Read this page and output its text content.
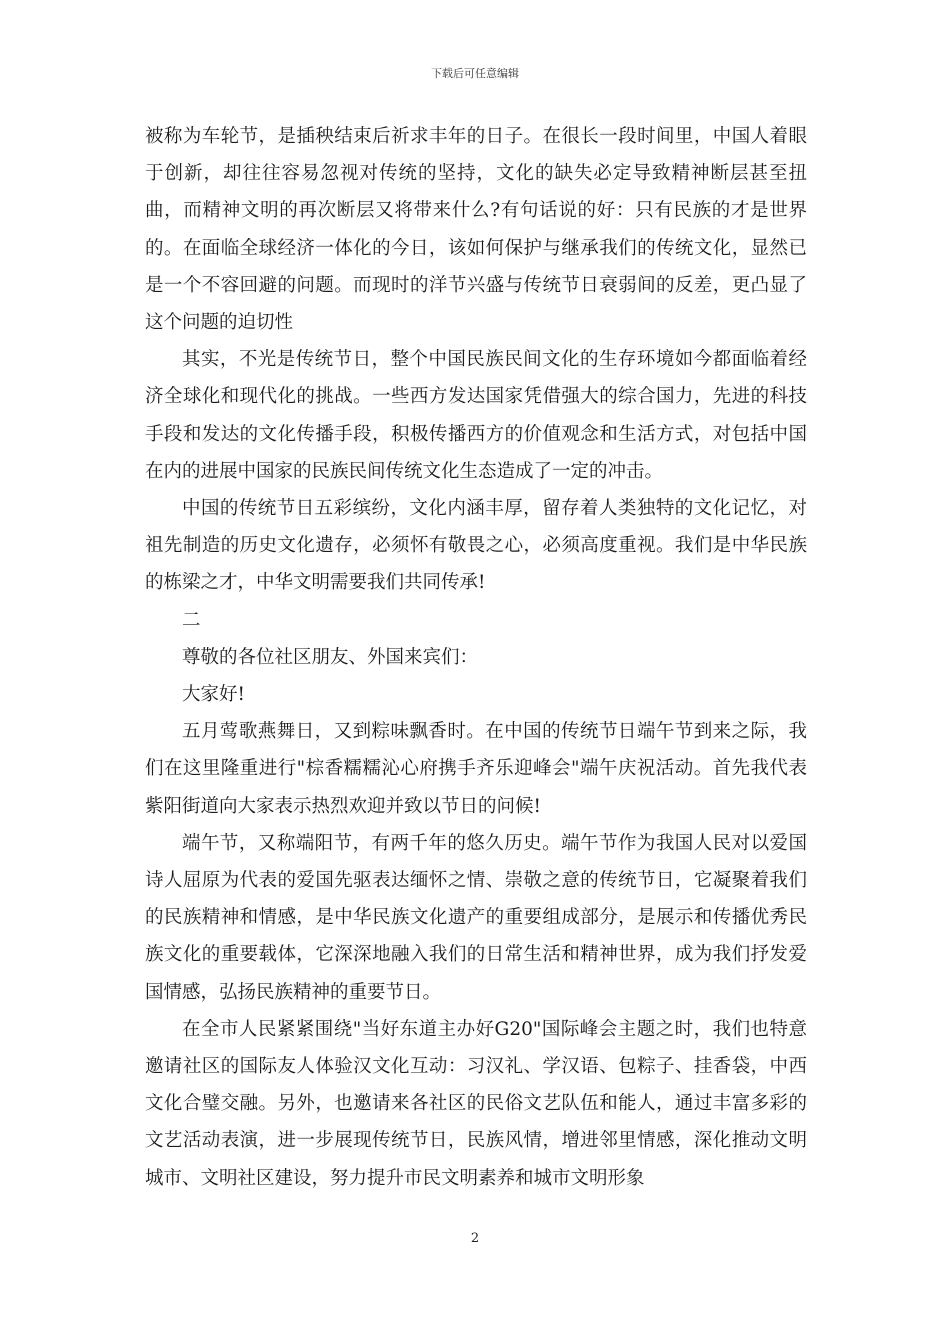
下载后可任意编辑

被称为车轮节，是插秧结束后祈求丰年的日子。在很长一段时间里，中国人着眼于创新，却往往容易忽视对传统的坚持，文化的缺失必定导致精神断层甚至扭曲，而精神文明的再次断层又将带来什么?有句话说的好：只有民族的才是世界的。在面临全球经济一体化的今日，该如何保护与继承我们的传统文化，显然已是一个不容回避的问题。而现时的洋节兴盛与传统节日衰弱间的反差，更凸显了这个问题的迫切性

其实，不光是传统节日，整个中国民族民间文化的生存环境如今都面临着经济全球化和现代化的挑战。一些西方发达国家凭借强大的综合国力，先进的科技手段和发达的文化传播手段，积极传播西方的价值观念和生活方式，对包括中国在内的进展中国家的民族民间传统文化生态造成了一定的冲击。

中国的传统节日五彩缤纷，文化内涵丰厚，留存着人类独特的文化记忆，对祖先制造的历史文化遗存，必须怀有敬畏之心，必须高度重视。我们是中华民族的栋梁之才，中华文明需要我们共同传承!

二

尊敬的各位社区朋友、外国来宾们：

大家好!

五月莺歌燕舞日，又到粽味飘香时。在中国的传统节日端午节到来之际，我们在这里隆重进行"棕香糯糯沁心府携手齐乐迎峰会"端午庆祝活动。首先我代表紫阳街道向大家表示热烈欢迎并致以节日的问候!

端午节，又称端阳节，有两千年的悠久历史。端午节作为我国人民对以爱国诗人屈原为代表的爱国先驱表达缅怀之情、崇敬之意的传统节日，它凝聚着我们的民族精神和情感，是中华民族文化遗产的重要组成部分，是展示和传播优秀民族文化的重要载体，它深深地融入我们的日常生活和精神世界，成为我们抒发爱国情感，弘扬民族精神的重要节日。

在全市人民紧紧围绕"当好东道主办好G20"国际峰会主题之时，我们也特意邀请社区的国际友人体验汉文化互动：习汉礼、学汉语、包粽子、挂香袋，中西文化合璧交融。另外，也邀请来各社区的民俗文艺队伍和能人，通过丰富多彩的文艺活动表演，进一步展现传统节日，民族风情，增进邻里情感，深化推动文明城市、文明社区建设，努力提升市民文明素养和城市文明形象

2
